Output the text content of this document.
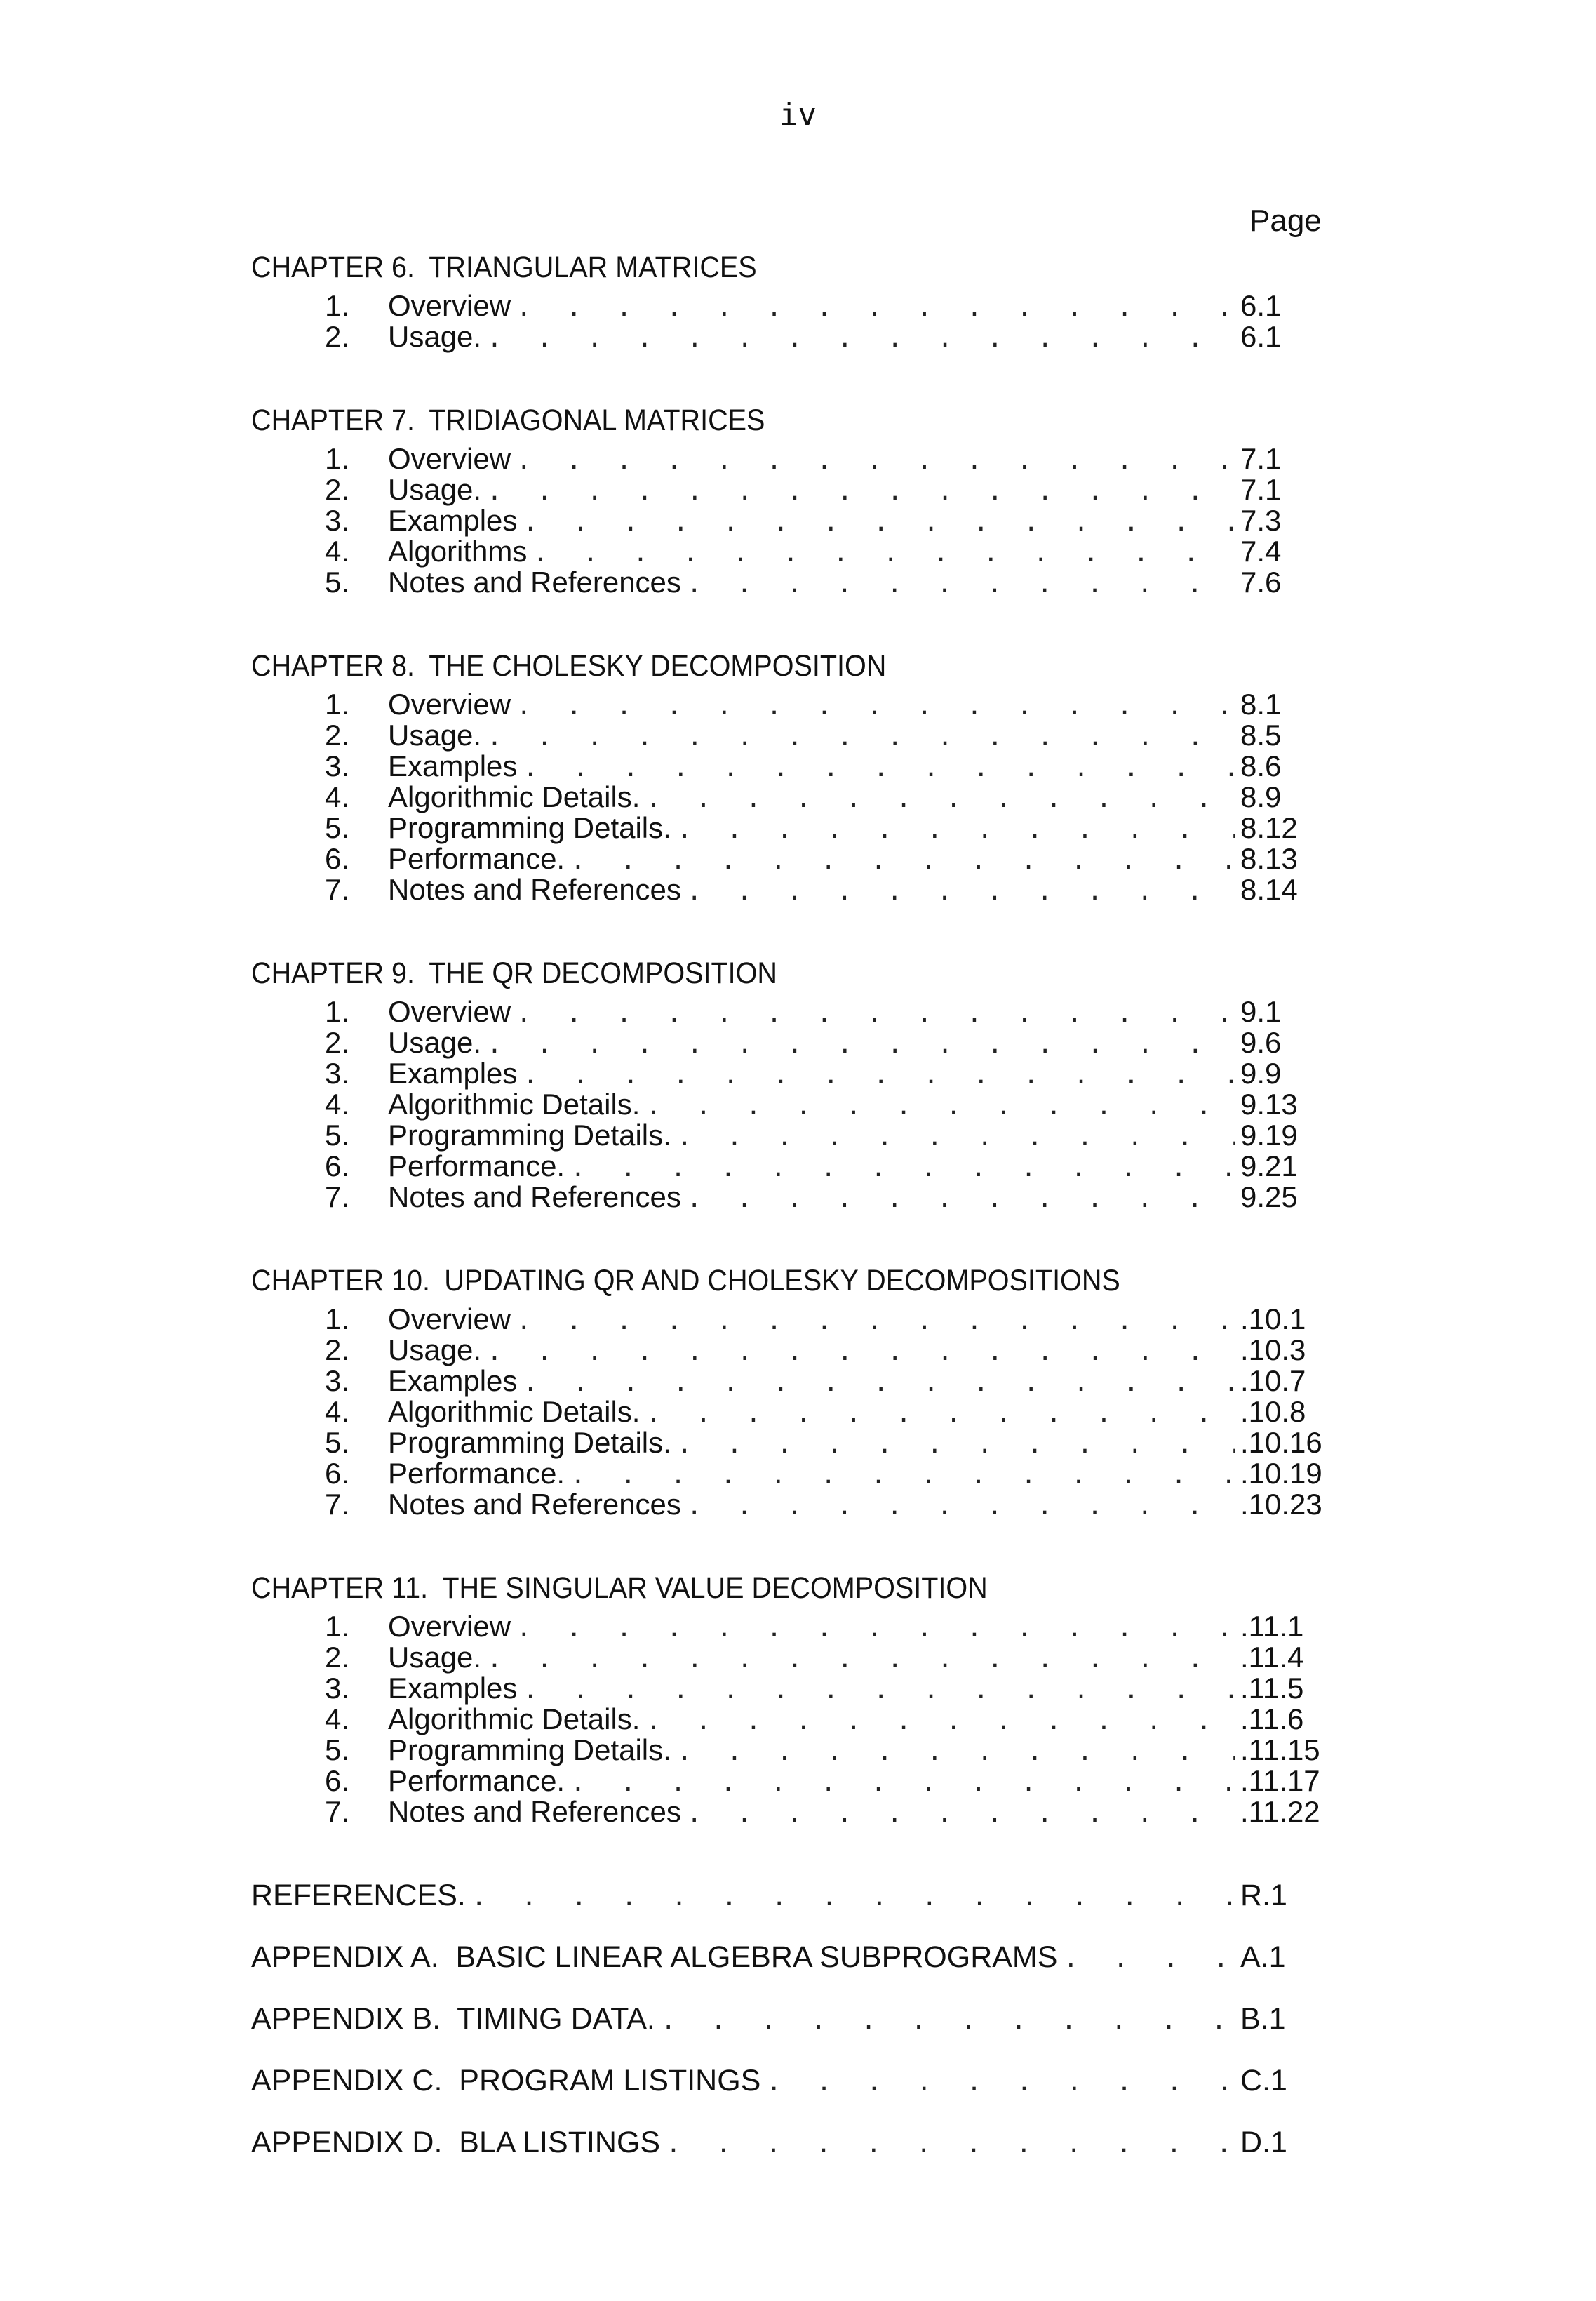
iv
Page
CHAPTER 6. TRIANGULAR MATRICES
1.	Overview . . .	6.1
2.	Usage. . . .	6.1
CHAPTER 7. TRIDIAGONAL MATRICES
1.	Overview . . .	7.1
2.	Usage. . . .	7.1
3.	Examples . . .	7.3
4.	Algorithms . . .	7.4
5.	Notes and References . . .	7.6
CHAPTER 8. THE CHOLESKY DECOMPOSITION
1.	Overview . . .	8.1
2.	Usage. . . .	8.5
3.	Examples . . .	8.6
4.	Algorithmic Details. . . .	8.9
5.	Programming Details. . . .	8.12
6.	Performance. . . .	8.13
7.	Notes and References . . .	8.14
CHAPTER 9. THE QR DECOMPOSITION
1.	Overview . . .	9.1
2.	Usage. . . .	9.6
3.	Examples . . .	9.9
4.	Algorithmic Details. . . .	9.13
5.	Programming Details. . . .	9.19
6.	Performance. . . .	9.21
7.	Notes and References . . .	9.25
CHAPTER 10. UPDATING QR AND CHOLESKY DECOMPOSITIONS
1.	Overview . . .	.10.1
2.	Usage. . . .	.10.3
3.	Examples . . .	.10.7
4.	Algorithmic Details. . . .	.10.8
5.	Programming Details. . . .	.10.16
6.	Performance. . . .	.10.19
7.	Notes and References . . .	.10.23
CHAPTER 11. THE SINGULAR VALUE DECOMPOSITION
1.	Overview . . .	.11.1
2.	Usage. . . .	.11.4
3.	Examples . . .	.11.5
4.	Algorithmic Details. . . .	.11.6
5.	Programming Details. . . .	.11.15
6.	Performance. . . .	.11.17
7.	Notes and References . . .	.11.22
REFERENCES. . . .	R.1
APPENDIX A.  BASIC LINEAR ALGEBRA SUBPROGRAMS . . .	A.1
APPENDIX B.  TIMING DATA. . . .	B.1
APPENDIX C.  PROGRAM LISTINGS . . .	C.1
APPENDIX D.  BLA LISTINGS . . .	D.1
